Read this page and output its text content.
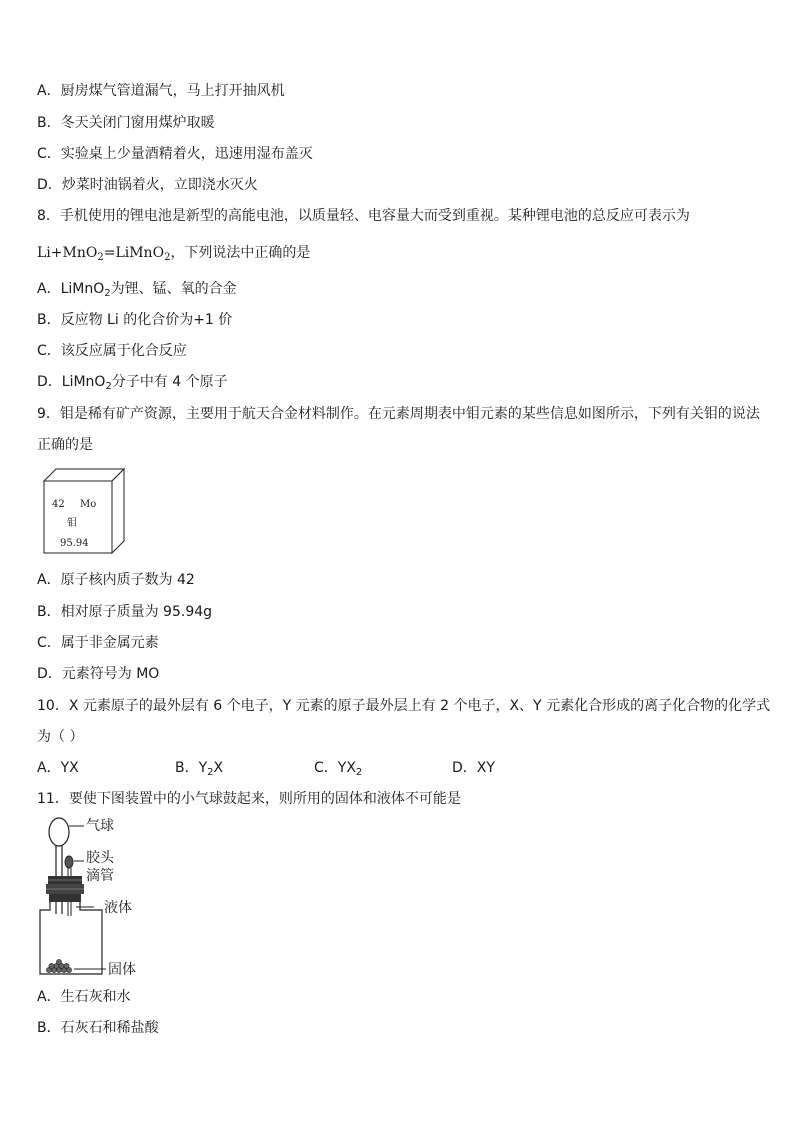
A．厨房煤气管道漏气，马上打开抽风机
B．冬天关闭门窗用煤炉取暖
C．实验桌上少量酒精着火，迅速用湿布盖灭
D．炒菜时油锅着火，立即浇水灭火
8．手机使用的锂电池是新型的高能电池，以质量轻、电容量大而受到重视。某种锂电池的总反应可表示为
Li+MnO$_2$=LiMnO$_2$，下列说法中正确的是
A．LiMnO$_2$为锂、锰、氧的合金
B．反应物 Li 的化合价为+1 价
C．该反应属于化合反应
D．LiMnO$_2$分子中有 4 个原子
9．钼是稀有矿产资源，主要用于航天合金材料制作。在元素周期表中钼元素的某些信息如图所示，下列有关钼的说法
正确的是
42 Mo
钼
95.94
A．原子核内质子数为 42
B．相对原子质量为 95.94g
C．属于非金属元素
D．元素符号为 MO
10．X 元素原子的最外层有 6 个电子，Y 元素的原子最外层上有 2 个电子，X、Y 元素化合形成的离子化合物的化学式
为（ ）
A．YX	B．$Y_2X$	C．$YX_2$	D．XY
11．要使下图装置中的小气球鼓起来，则所用的固体和液体不可能是
气球
胶头
滴管
液体
固体
A．生石灰和水
B．石灰石和稀盐酸
